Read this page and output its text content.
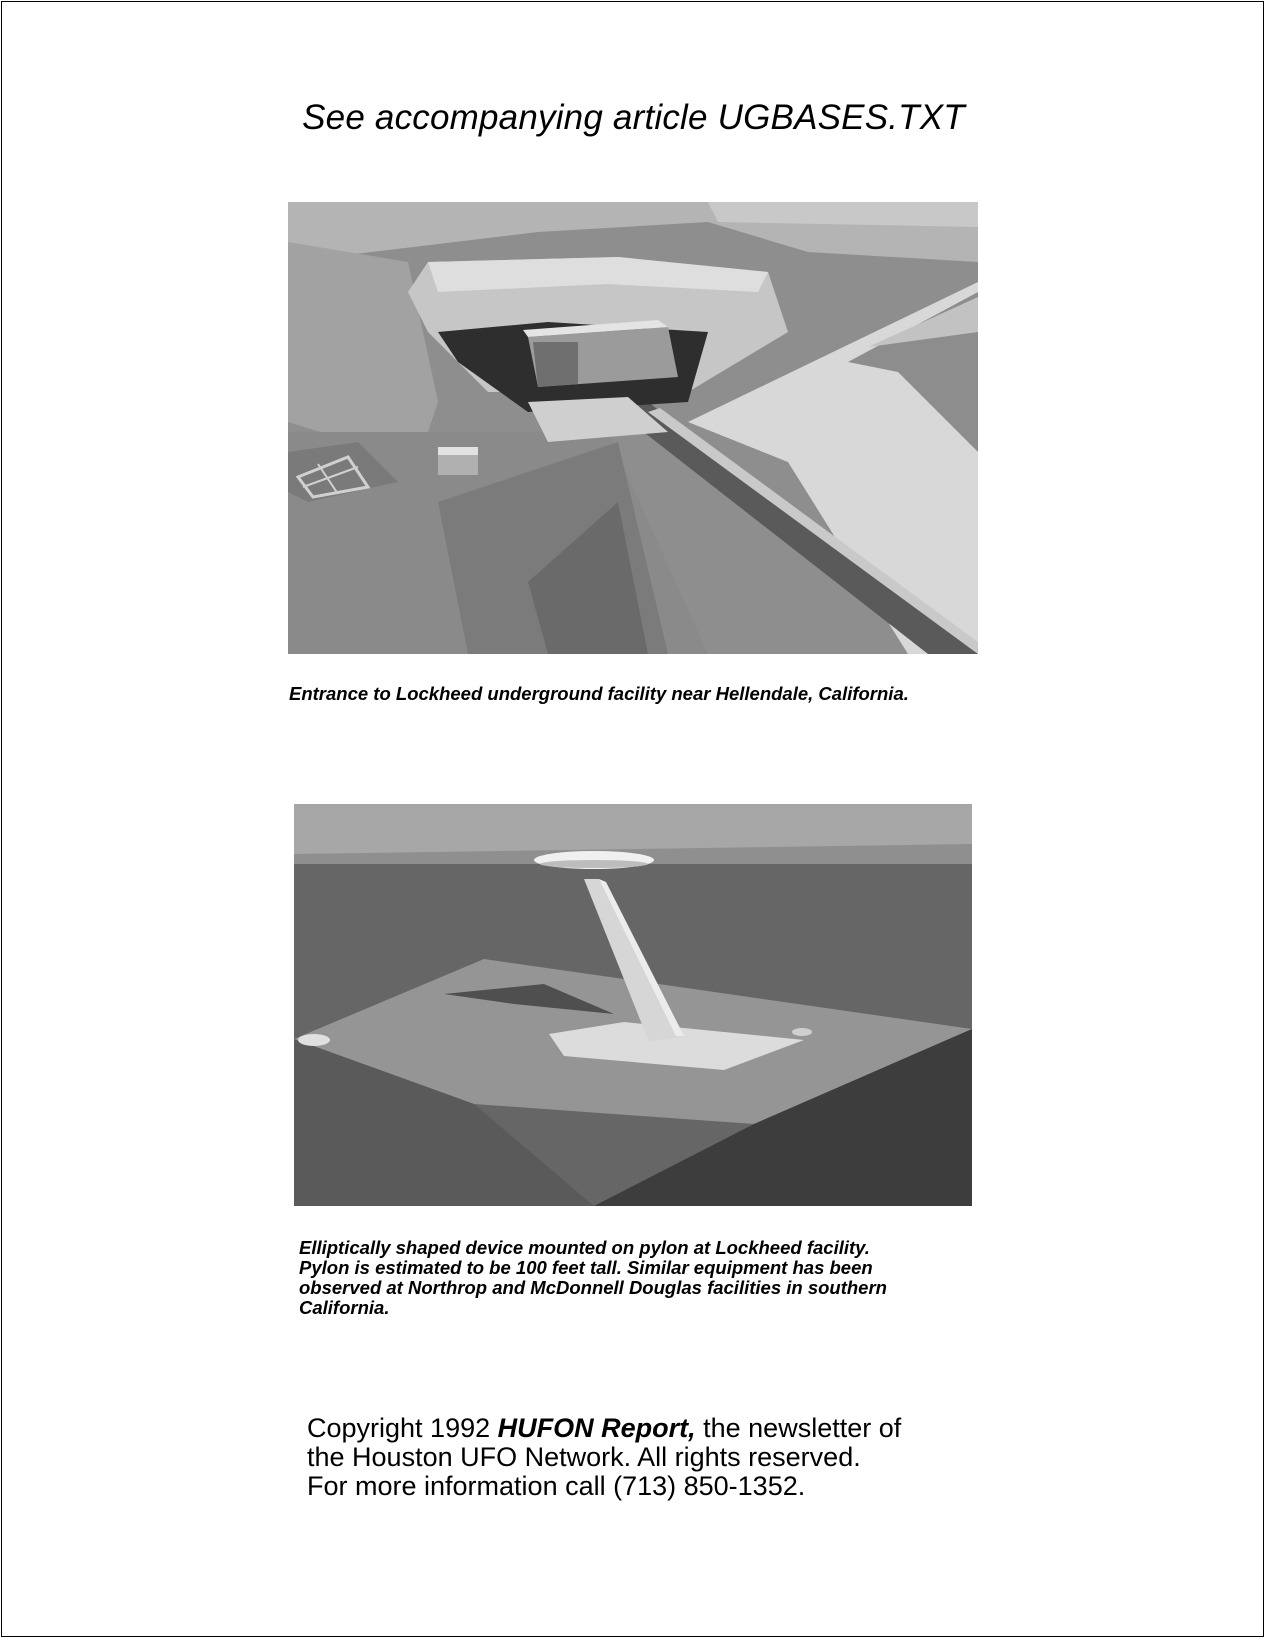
See accompanying article UGBASES.TXT
Entrance to Lockheed underground facility near Hellendale, California.
Elliptically shaped device mounted on pylon at Lockheed facility.
Pylon is estimated to be 100 feet tall. Similar equipment has been
observed at Northrop and McDonnell Douglas facilities in southern
California.
Copyright 1992 HUFON Report, the newsletter of
the Houston UFO Network. All rights reserved.
For more information call (713) 850-1352.
